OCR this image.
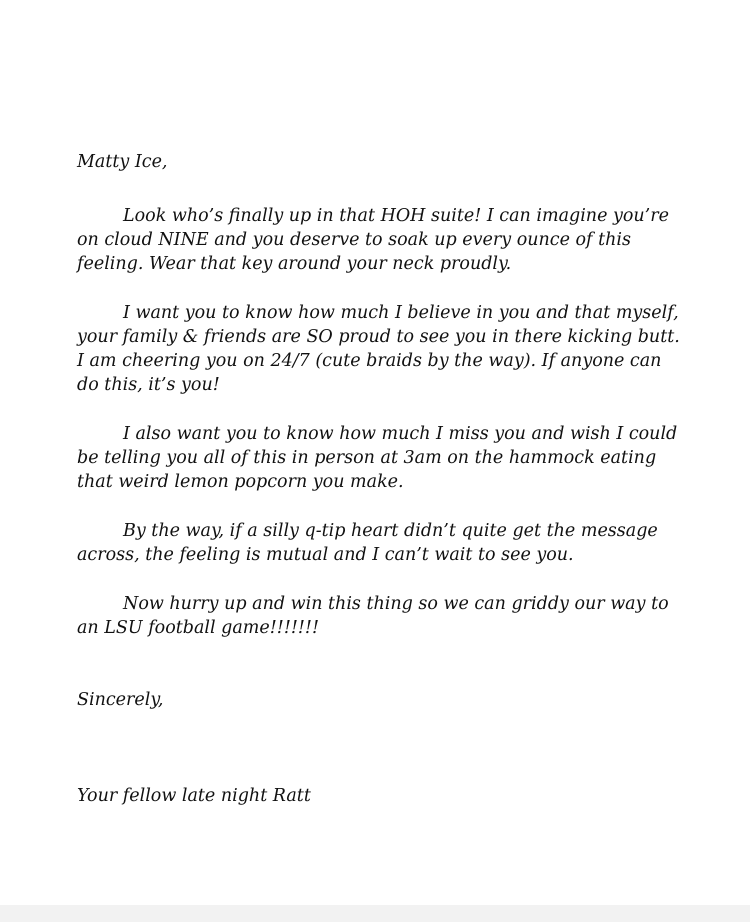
Matty Ice,

Look who’s finally up in that HOH suite! I can imagine you’re on cloud NINE and you deserve to soak up every ounce of this feeling. Wear that key around your neck proudly.

I want you to know how much I believe in you and that myself, your family & friends are SO proud to see you in there kicking butt. I am cheering you on 24/7 (cute braids by the way). If anyone can do this, it’s you!

I also want you to know how much I miss you and wish I could be telling you all of this in person at 3am on the hammock eating that weird lemon popcorn you make.

By the way, if a silly q-tip heart didn’t quite get the message across, the feeling is mutual and I can’t wait to see you.

Now hurry up and win this thing so we can griddy our way to an LSU football game!!!!!!!

Sincerely,

Your fellow late night Ratt
